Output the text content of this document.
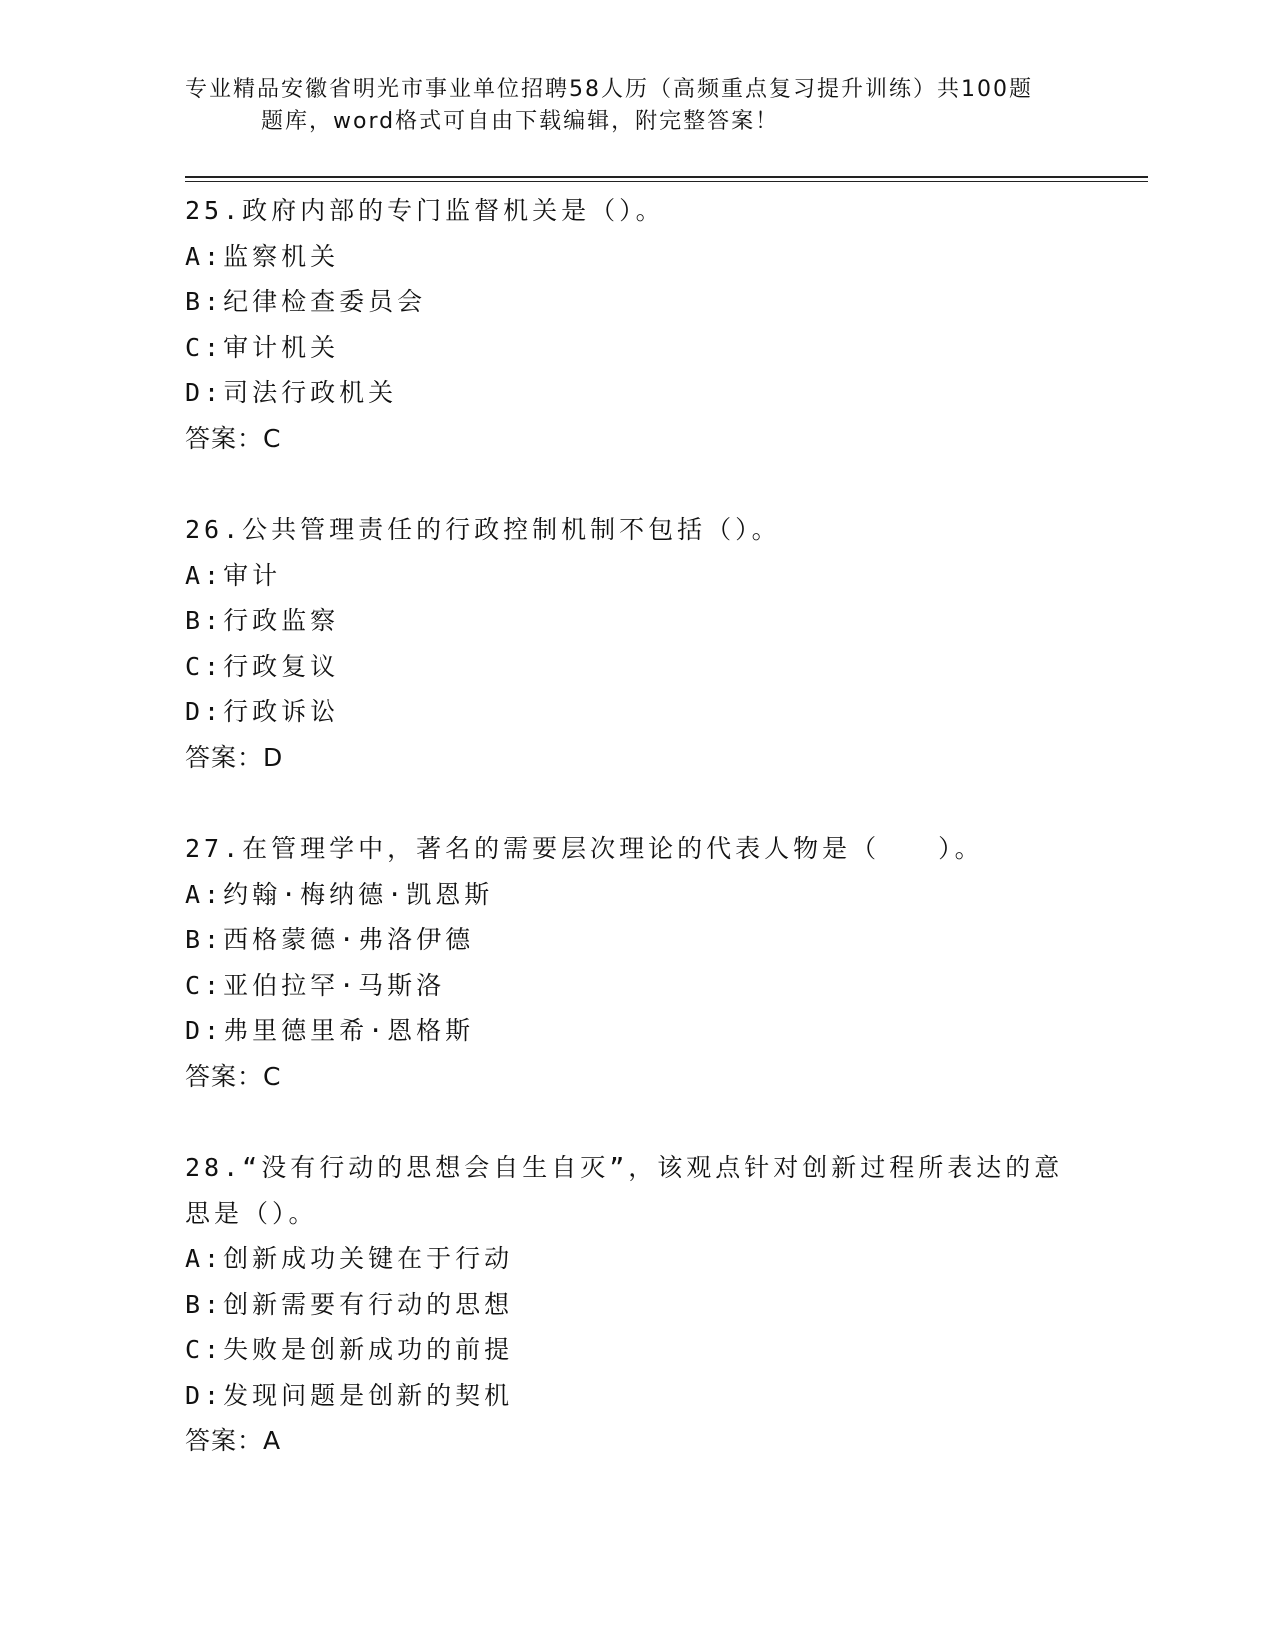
专业精品安徽省明光市事业单位招聘58人历（高频重点复习提升训练）共100题
题库，word格式可自由下载编辑，附完整答案！
25.政府内部的专门监督机关是（）。
A:监察机关
B:纪律检查委员会
C:审计机关
D:司法行政机关
答案：C
26.公共管理责任的行政控制机制不包括（）。
A:审计
B:行政监察
C:行政复议
D:行政诉讼
答案：D
27.在管理学中，著名的需要层次理论的代表人物是（　　）。
A:约翰·梅纳德·凯恩斯
B:西格蒙德·弗洛伊德
C:亚伯拉罕·马斯洛
D:弗里德里希·恩格斯
答案：C
28.“没有行动的思想会自生自灭”，该观点针对创新过程所表达的意
思是（）。
A:创新成功关键在于行动
B:创新需要有行动的思想
C:失败是创新成功的前提
D:发现问题是创新的契机
答案：A
